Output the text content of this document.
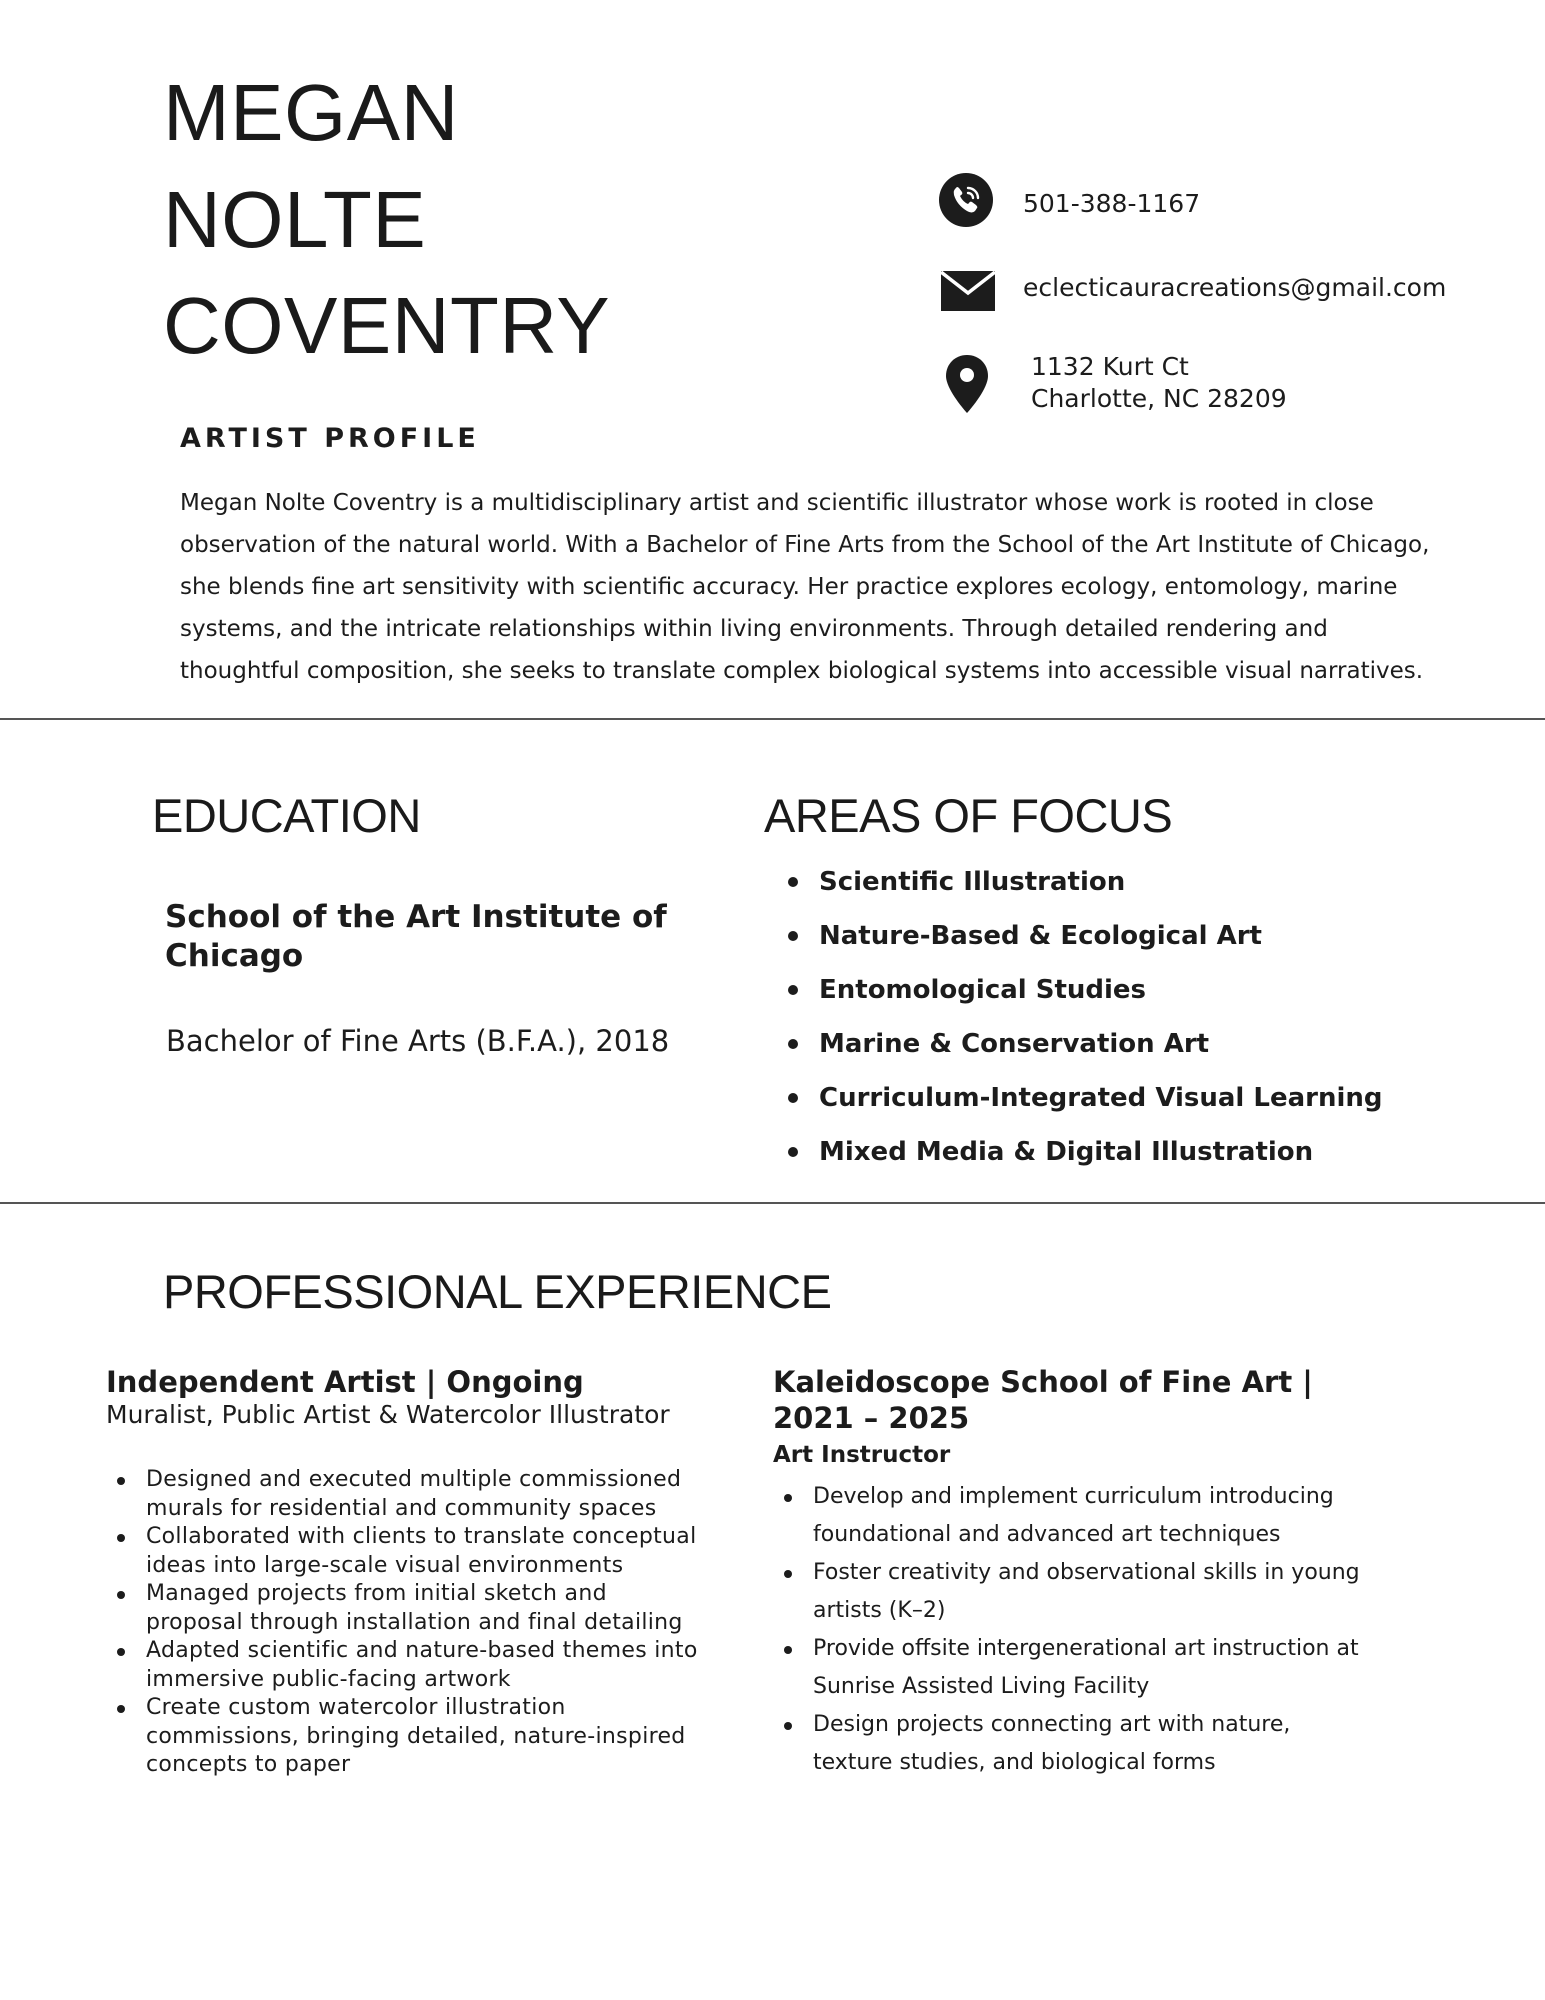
MEGAN
NOLTE
COVENTRY
501-388-1167
eclecticauracreations@gmail.com
1132 Kurt Ct
Charlotte, NC 28209
ARTIST PROFILE
Megan Nolte Coventry is a multidisciplinary artist and scientific illustrator whose work is rooted in close
observation of the natural world. With a Bachelor of Fine Arts from the School of the Art Institute of Chicago,
she blends fine art sensitivity with scientific accuracy. Her practice explores ecology, entomology, marine
systems, and the intricate relationships within living environments. Through detailed rendering and
thoughtful composition, she seeks to translate complex biological systems into accessible visual narratives.
EDUCATION
School of the Art Institute of
Chicago
Bachelor of Fine Arts (B.F.A.), 2018
AREAS OF FOCUS
Scientific Illustration
Nature-Based & Ecological Art
Entomological Studies
Marine & Conservation Art
Curriculum-Integrated Visual Learning
Mixed Media & Digital Illustration
PROFESSIONAL EXPERIENCE
Independent Artist | Ongoing
Muralist, Public Artist & Watercolor Illustrator
Designed and executed multiple commissioned
murals for residential and community spaces
Collaborated with clients to translate conceptual
ideas into large-scale visual environments
Managed projects from initial sketch and
proposal through installation and final detailing
Adapted scientific and nature-based themes into
immersive public-facing artwork
Create custom watercolor illustration
commissions, bringing detailed, nature-inspired
concepts to paper
Kaleidoscope School of Fine Art |
2021 – 2025
Art Instructor
Develop and implement curriculum introducing
foundational and advanced art techniques
Foster creativity and observational skills in young
artists (K–2)
Provide offsite intergenerational art instruction at
Sunrise Assisted Living Facility
Design projects connecting art with nature,
texture studies, and biological forms
